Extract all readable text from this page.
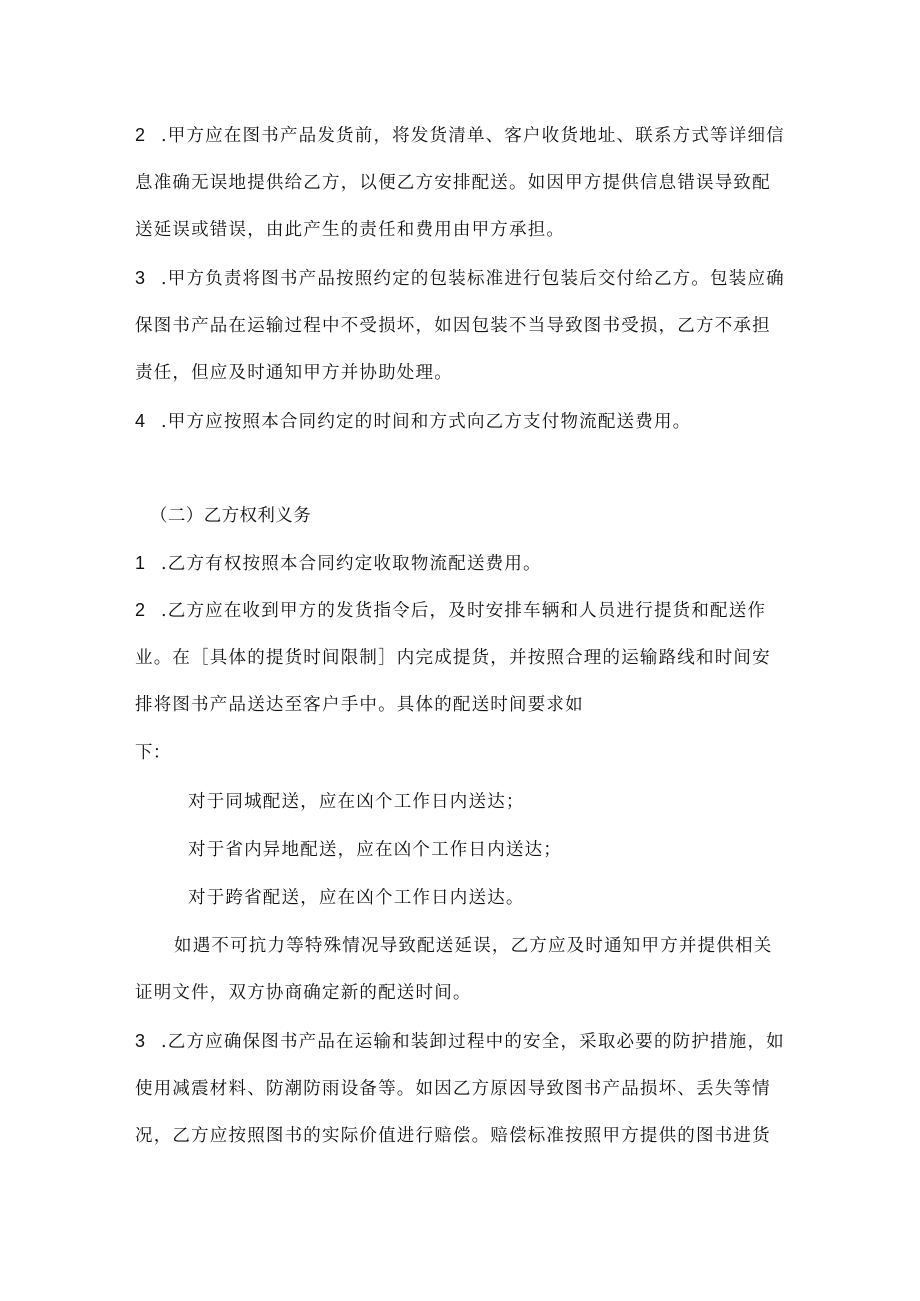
2 .甲方应在图书产品发货前，将发货清单、客户收货地址、联系方式等详细信
息准确无误地提供给乙方，以便乙方安排配送。如因甲方提供信息错误导致配
送延误或错误，由此产生的责任和费用由甲方承担。
3 .甲方负责将图书产品按照约定的包装标准进行包装后交付给乙方。包装应确
保图书产品在运输过程中不受损坏，如因包装不当导致图书受损，乙方不承担
责任，但应及时通知甲方并协助处理。
4 .甲方应按照本合同约定的时间和方式向乙方支付物流配送费用。
（二）乙方权利义务
1 .乙方有权按照本合同约定收取物流配送费用。
2 .乙方应在收到甲方的发货指令后，及时安排车辆和人员进行提货和配送作
业。在［具体的提货时间限制］内完成提货，并按照合理的运输路线和时间安
排将图书产品送达至客户手中。具体的配送时间要求如
下：
对于同城配送，应在凶个工作日内送达；
对于省内异地配送，应在凶个工作日内送达；
对于跨省配送，应在凶个工作日内送达。
如遇不可抗力等特殊情况导致配送延误，乙方应及时通知甲方并提供相关
证明文件，双方协商确定新的配送时间。
3 .乙方应确保图书产品在运输和装卸过程中的安全，采取必要的防护措施，如
使用减震材料、防潮防雨设备等。如因乙方原因导致图书产品损坏、丢失等情
况，乙方应按照图书的实际价值进行赔偿。赔偿标准按照甲方提供的图书进货
